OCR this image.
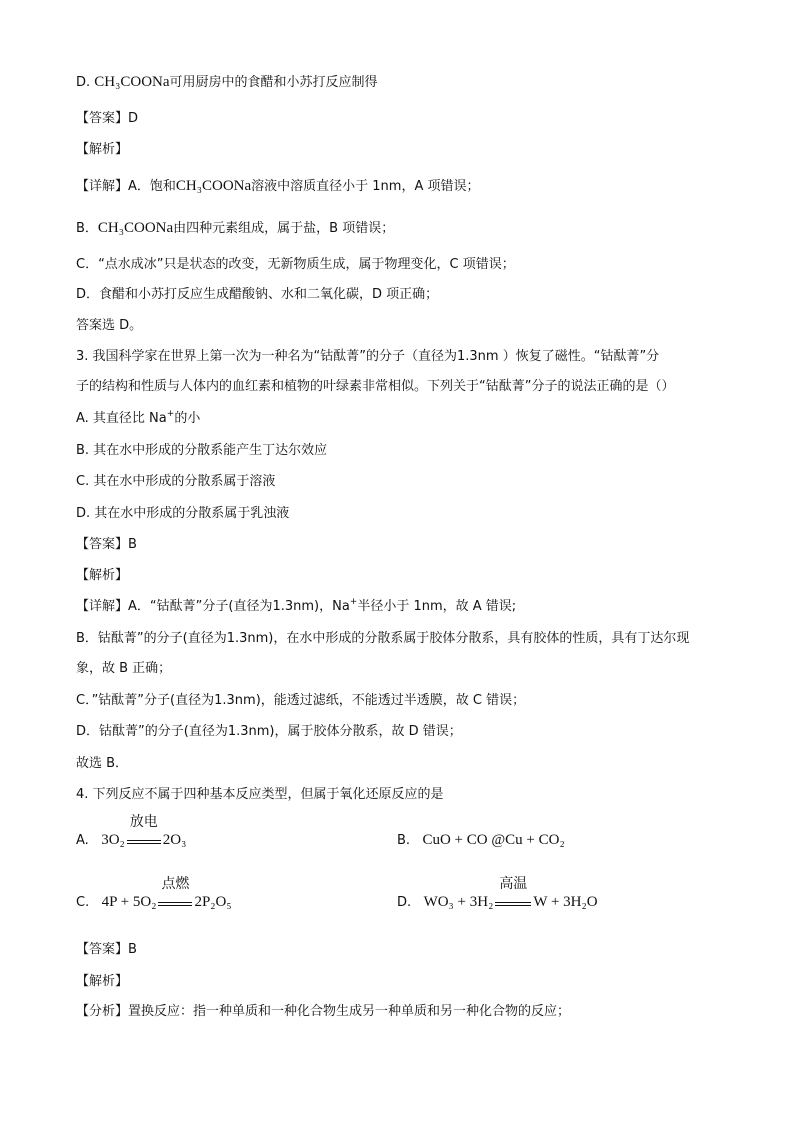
D. CH₃COONa可用厨房中的食醋和小苏打反应制得
【答案】D
【解析】
【详解】A．饱和CH₃COONa溶液中溶质直径小于 1nm，A 项错误；
B．CH₃COONa由四种元素组成，属于盐，B 项错误；
C．“点水成冰”只是状态的改变，无新物质生成，属于物理变化，C 项错误；
D．食醋和小苏打反应生成醋酸钠、水和二氧化碳，D 项正确；
答案选 D。
3. 我国科学家在世界上第一次为一种名为“钴酞菁”的分子（直径为1.3nm ）恢复了磁性。“钴酞菁”分
子的结构和性质与人体内的血红素和植物的叶绿素非常相似。下列关于“钴酞菁”分子的说法正确的是（）
A. 其直径比 Na+的小
B. 其在水中形成的分散系能产生丁达尔效应
C. 其在水中形成的分散系属于溶液
D. 其在水中形成的分散系属于乳浊液
【答案】B
【解析】
【详解】A．“钴酞菁”分子(直径为1.3nm)，Na+半径小于 1nm，故 A 错误;
B．钴酞菁”的分子(直径为1.3nm)，在水中形成的分散系属于胶体分散系，具有胶体的性质，具有丁达尔现
象，故 B 正确；
C．”钴酞菁”分子(直径为1.3nm)，能透过滤纸，不能透过半透膜，故 C 错误；
D．钴酞菁”的分子(直径为1.3nm)，属于胶体分散系，故 D 错误；
故选 B．
4. 下列反应不属于四种基本反应类型，但属于氧化还原反应的是
A. 3O₂
放电
2O₃	B. CuO + CO @Cu + CO₂
C. 4P + 5O₂
点燃
2P₂O₅	D. WO₃ + 3H₂
高温
W + 3H₂O
【答案】B
【解析】
【分析】置换反应：指一种单质和一种化合物生成另一种单质和另一种化合物的反应；
